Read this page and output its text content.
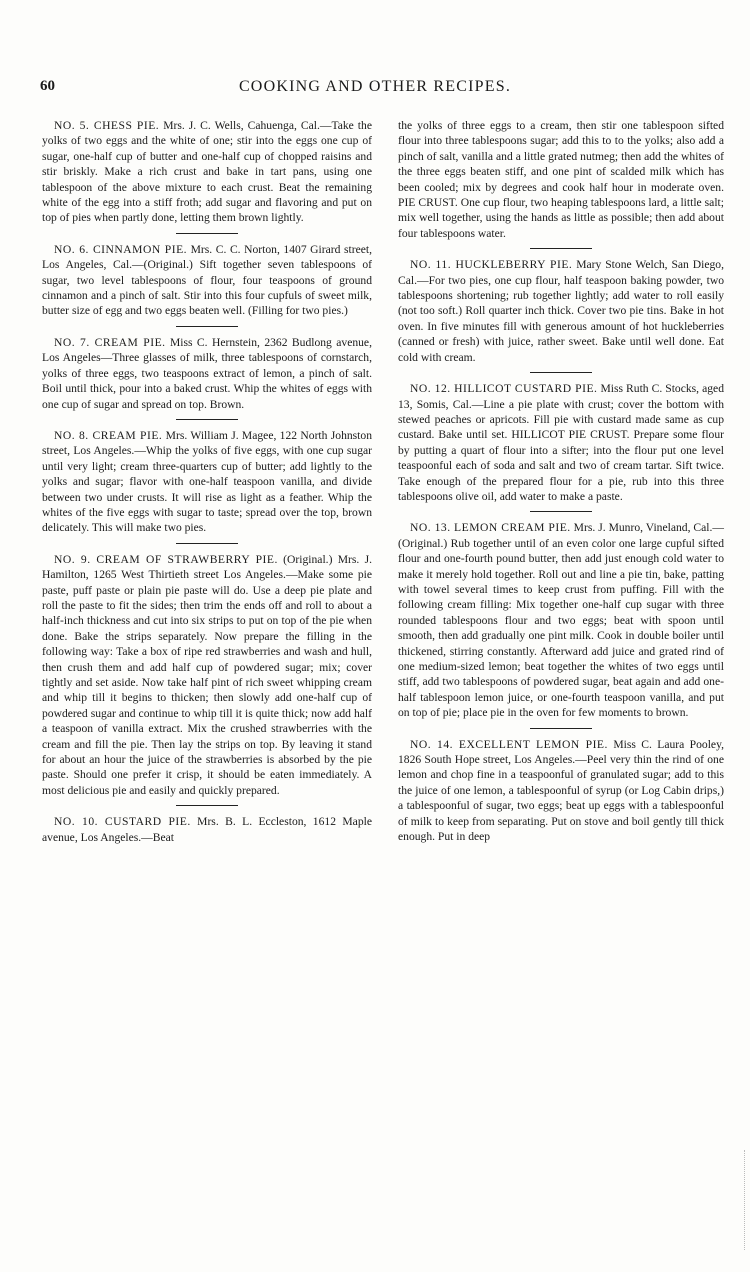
60	COOKING AND OTHER RECIPES.

NO. 5. CHESS PIE. Mrs. J. C. Wells, Cahuenga, Cal.—Take the yolks of two eggs and the white of one; stir into the eggs one cup of sugar, one-half cup of butter and one-half cup of chopped raisins and stir briskly. Make a rich crust and bake in tart pans, using one tablespoon of the above mixture to each crust. Beat the remaining white of the egg into a stiff froth; add sugar and flavoring and put on top of pies when partly done, letting them brown lightly.

NO. 6. CINNAMON PIE. Mrs. C. C. Norton, 1407 Girard street, Los Angeles, Cal.—(Original.) Sift together seven tablespoons of sugar, two level tablespoons of flour, four teaspoons of ground cinnamon and a pinch of salt. Stir into this four cupfuls of sweet milk, butter size of egg and two eggs beaten well. (Filling for two pies.)

NO. 7. CREAM PIE. Miss C. Hernstein, 2362 Budlong avenue, Los Angeles—Three glasses of milk, three tablespoons of cornstarch, yolks of three eggs, two teaspoons extract of lemon, a pinch of salt. Boil until thick, pour into a baked crust. Whip the whites of eggs with one cup of sugar and spread on top. Brown.

NO. 8. CREAM PIE. Mrs. William J. Magee, 122 North Johnston street, Los Angeles.—Whip the yolks of five eggs, with one cup sugar until very light; cream three-quarters cup of butter; add lightly to the yolks and sugar; flavor with one-half teaspoon vanilla, and divide between two under crusts. It will rise as light as a feather. Whip the whites of the five eggs with sugar to taste; spread over the top, brown delicately. This will make two pies.

NO. 9. CREAM OF STRAWBERRY PIE. (Original.) Mrs. J. Hamilton, 1265 West Thirtieth street Los Angeles.—Make some pie paste, puff paste or plain pie paste will do. Use a deep pie plate and roll the paste to fit the sides; then trim the ends off and roll to about a half-inch thickness and cut into six strips to put on top of the pie when done. Bake the strips separately. Now prepare the filling in the following way: Take a box of ripe red strawberries and wash and hull, then crush them and add half cup of powdered sugar; mix; cover tightly and set aside. Now take half pint of rich sweet whipping cream and whip till it begins to thicken; then slowly add one-half cup of powdered sugar and continue to whip till it is quite thick; now add half a teaspoon of vanilla extract. Mix the crushed strawberries with the cream and fill the pie. Then lay the strips on top. By leaving it stand for about an hour the juice of the strawberries is absorbed by the pie paste. Should one prefer it crisp, it should be eaten immediately. A most delicious pie and easily and quickly prepared.

NO. 10. CUSTARD PIE. Mrs. B. L. Eccleston, 1612 Maple avenue, Los Angeles.—Beat

the yolks of three eggs to a cream, then stir one tablespoon sifted flour into three tablespoons sugar; add this to to the yolks; also add a pinch of salt, vanilla and a little grated nutmeg; then add the whites of the three eggs beaten stiff, and one pint of scalded milk which has been cooled; mix by degrees and cook half hour in moderate oven. PIE CRUST. One cup flour, two heaping tablespoons lard, a little salt; mix well together, using the hands as little as possible; then add about four tablespoons water.

NO. 11. HUCKLEBERRY PIE. Mary Stone Welch, San Diego, Cal.—For two pies, one cup flour, half teaspoon baking powder, two tablespoons shortening; rub together lightly; add water to roll easily (not too soft.) Roll quarter inch thick. Cover two pie tins. Bake in hot oven. In five minutes fill with generous amount of hot huckleberries (canned or fresh) with juice, rather sweet. Bake until well done. Eat cold with cream.

NO. 12. HILLICOT CUSTARD PIE. Miss Ruth C. Stocks, aged 13, Somis, Cal.—Line a pie plate with crust; cover the bottom with stewed peaches or apricots. Fill pie with custard made same as cup custard. Bake until set. HILLICOT PIE CRUST. Prepare some flour by putting a quart of flour into a sifter; into the flour put one level teaspoonful each of soda and salt and two of cream tartar. Sift twice. Take enough of the prepared flour for a pie, rub into this three tablespoons olive oil, add water to make a paste.

NO. 13. LEMON CREAM PIE. Mrs. J. Munro, Vineland, Cal.—(Original.) Rub together until of an even color one large cupful sifted flour and one-fourth pound butter, then add just enough cold water to make it merely hold together. Roll out and line a pie tin, bake, patting with towel several times to keep crust from puffing. Fill with the following cream filling: Mix together one-half cup sugar with three rounded tablespoons flour and two eggs; beat with spoon until smooth, then add gradually one pint milk. Cook in double boiler until thickened, stirring constantly. Afterward add juice and grated rind of one medium-sized lemon; beat together the whites of two eggs until stiff, add two tablespoons of powdered sugar, beat again and add one-half tablespoon lemon juice, or one-fourth teaspoon vanilla, and put on top of pie; place pie in the oven for few moments to brown.

NO. 14. EXCELLENT LEMON PIE. Miss C. Laura Pooley, 1826 South Hope street, Los Angeles.—Peel very thin the rind of one lemon and chop fine in a teaspoonful of granulated sugar; add to this the juice of one lemon, a tablespoonful of syrup (or Log Cabin drips,) a tablespoonful of sugar, two eggs; beat up eggs with a tablespoonful of milk to keep from separating. Put on stove and boil gently till thick enough. Put in deep
